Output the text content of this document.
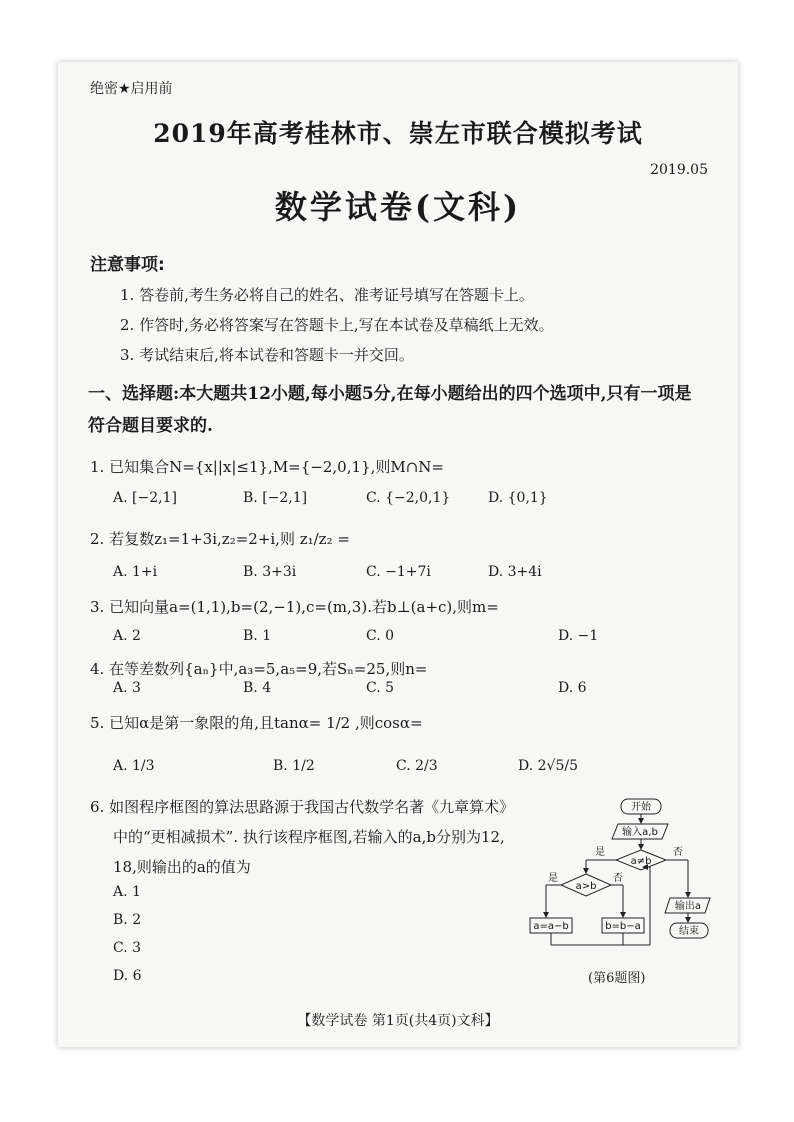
绝密★启用前
2019年高考桂林市、崇左市联合模拟考试
2019.05
数学试卷(文科)
注意事项:
1. 答卷前,考生务必将自己的姓名、准考证号填写在答题卡上。
2. 作答时,务必将答案写在答题卡上,写在本试卷及草稿纸上无效。
3. 考试结束后,将本试卷和答题卡一并交回。
一、选择题:本大题共12小题,每小题5分,在每小题给出的四个选项中,只有一项是符合题目要求的.
1. 已知集合N={x||x|≤1},M={−2,0,1},则M∩N=
A. [−2,1]	B. [−2,1]	C. {−2,0,1}	D. {0,1}
2. 若复数z₁=1+3i,z₂=2+i,则 z₁/z₂ =
A. 1+i	B. 3+3i	C. −1+7i	D. 3+4i
3. 已知向量a=(1,1),b=(2,−1),c=(m,3).若b⊥(a+c),则m=
A. 2	B. 1	C. 0	D. −1
4. 在等差数列{aₙ}中,a₃=5,a₅=9,若Sₙ=25,则n=
A. 3	B. 4	C. 5	D. 6
5. 已知α是第一象限的角,且tanα= 1/2 ,则cosα=
A. 1/3	B. 1/2	C. 2/3	D. 2√5/5
6. 如图程序框图的算法思路源于我国古代数学名著《九章算术》
中的“更相减损术”. 执行该程序框图,若输入的a,b分别为12,
18,则输出的a的值为
A. 1
B. 2
C. 3
D. 6
开始
输入a,b
a≠b
a>b
a=a−b	b=b−a
输出a
结束
是	否
是	否
(第6题图)
【数学试卷 第1页(共4页)文科】
